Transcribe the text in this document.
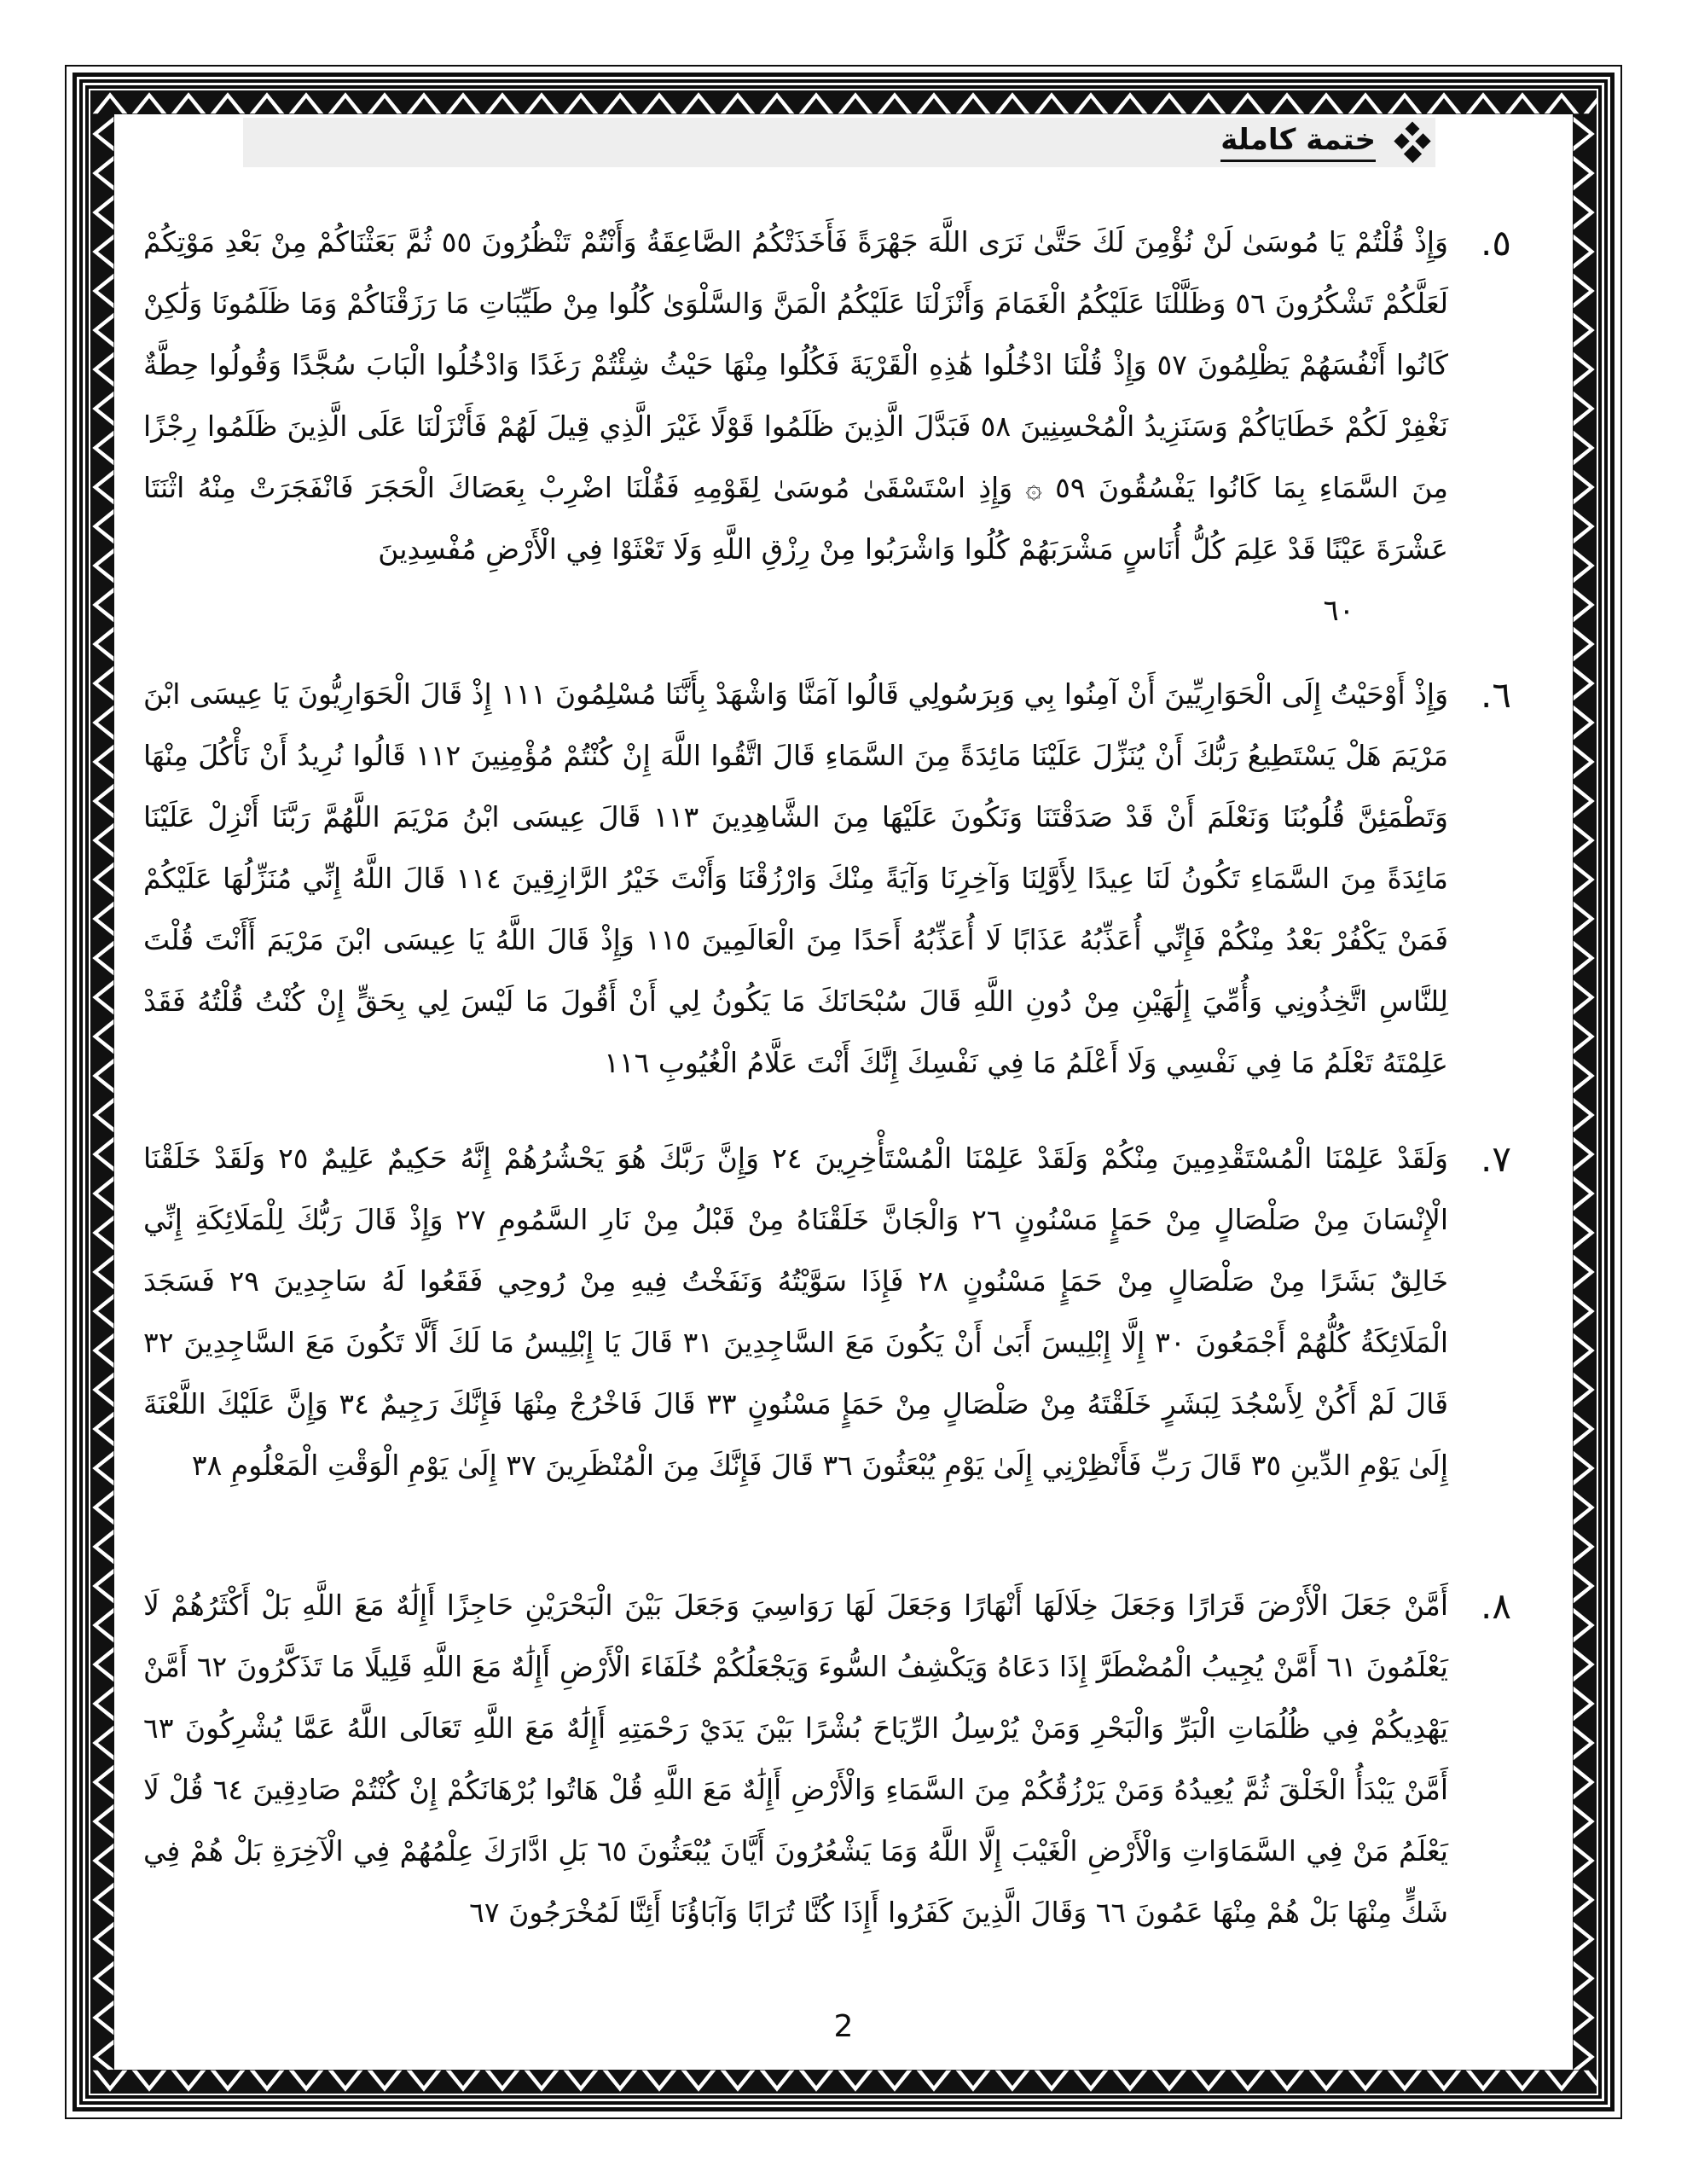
ختمة كاملة
٥.
وَإِذْ قُلْتُمْ يَا مُوسَىٰ لَنْ نُؤْمِنَ لَكَ حَتَّىٰ نَرَى اللَّهَ جَهْرَةً فَأَخَذَتْكُمُ الصَّاعِقَةُ وَأَنْتُمْ تَنْظُرُونَ ٥٥ ثُمَّ بَعَثْنَاكُمْ مِنْ بَعْدِ مَوْتِكُمْ لَعَلَّكُمْ تَشْكُرُونَ ٥٦ وَظَلَّلْنَا عَلَيْكُمُ الْغَمَامَ وَأَنْزَلْنَا عَلَيْكُمُ الْمَنَّ وَالسَّلْوَىٰ كُلُوا مِنْ طَيِّبَاتِ مَا رَزَقْنَاكُمْ وَمَا ظَلَمُونَا وَلَٰكِنْ كَانُوا أَنْفُسَهُمْ يَظْلِمُونَ ٥٧ وَإِذْ قُلْنَا ادْخُلُوا هَٰذِهِ الْقَرْيَةَ فَكُلُوا مِنْهَا حَيْثُ شِئْتُمْ رَغَدًا وَادْخُلُوا الْبَابَ سُجَّدًا وَقُولُوا حِطَّةٌ نَغْفِرْ لَكُمْ خَطَايَاكُمْ وَسَنَزِيدُ الْمُحْسِنِينَ ٥٨ فَبَدَّلَ الَّذِينَ ظَلَمُوا قَوْلًا غَيْرَ الَّذِي قِيلَ لَهُمْ فَأَنْزَلْنَا عَلَى الَّذِينَ ظَلَمُوا رِجْزًا مِنَ السَّمَاءِ بِمَا كَانُوا يَفْسُقُونَ ٥٩ ۞ وَإِذِ اسْتَسْقَىٰ مُوسَىٰ لِقَوْمِهِ فَقُلْنَا اضْرِبْ بِعَصَاكَ الْحَجَرَ فَانْفَجَرَتْ مِنْهُ اثْنَتَا عَشْرَةَ عَيْنًا قَدْ عَلِمَ كُلُّ أُنَاسٍ مَشْرَبَهُمْ كُلُوا وَاشْرَبُوا مِنْ رِزْقِ اللَّهِ وَلَا تَعْثَوْا فِي الْأَرْضِ مُفْسِدِينَ
٦٠
٦.
وَإِذْ أَوْحَيْتُ إِلَى الْحَوَارِيِّينَ أَنْ آمِنُوا بِي وَبِرَسُولِي قَالُوا آمَنَّا وَاشْهَدْ بِأَنَّنَا مُسْلِمُونَ ١١١ إِذْ قَالَ الْحَوَارِيُّونَ يَا عِيسَى ابْنَ مَرْيَمَ هَلْ يَسْتَطِيعُ رَبُّكَ أَنْ يُنَزِّلَ عَلَيْنَا مَائِدَةً مِنَ السَّمَاءِ قَالَ اتَّقُوا اللَّهَ إِنْ كُنْتُمْ مُؤْمِنِينَ ١١٢ قَالُوا نُرِيدُ أَنْ نَأْكُلَ مِنْهَا وَتَطْمَئِنَّ قُلُوبُنَا وَنَعْلَمَ أَنْ قَدْ صَدَقْتَنَا وَنَكُونَ عَلَيْهَا مِنَ الشَّاهِدِينَ ١١٣ قَالَ عِيسَى ابْنُ مَرْيَمَ اللَّهُمَّ رَبَّنَا أَنْزِلْ عَلَيْنَا مَائِدَةً مِنَ السَّمَاءِ تَكُونُ لَنَا عِيدًا لِأَوَّلِنَا وَآخِرِنَا وَآيَةً مِنْكَ وَارْزُقْنَا وَأَنْتَ خَيْرُ الرَّازِقِينَ ١١٤ قَالَ اللَّهُ إِنِّي مُنَزِّلُهَا عَلَيْكُمْ فَمَنْ يَكْفُرْ بَعْدُ مِنْكُمْ فَإِنِّي أُعَذِّبُهُ عَذَابًا لَا أُعَذِّبُهُ أَحَدًا مِنَ الْعَالَمِينَ ١١٥ وَإِذْ قَالَ اللَّهُ يَا عِيسَى ابْنَ مَرْيَمَ أَأَنْتَ قُلْتَ لِلنَّاسِ اتَّخِذُونِي وَأُمِّيَ إِلَٰهَيْنِ مِنْ دُونِ اللَّهِ قَالَ سُبْحَانَكَ مَا يَكُونُ لِي أَنْ أَقُولَ مَا لَيْسَ لِي بِحَقٍّ إِنْ كُنْتُ قُلْتُهُ فَقَدْ عَلِمْتَهُ تَعْلَمُ مَا فِي نَفْسِي وَلَا أَعْلَمُ مَا فِي نَفْسِكَ إِنَّكَ أَنْتَ عَلَّامُ الْغُيُوبِ ١١٦
٧.
وَلَقَدْ عَلِمْنَا الْمُسْتَقْدِمِينَ مِنْكُمْ وَلَقَدْ عَلِمْنَا الْمُسْتَأْخِرِينَ ٢٤ وَإِنَّ رَبَّكَ هُوَ يَحْشُرُهُمْ إِنَّهُ حَكِيمٌ عَلِيمٌ ٢٥ وَلَقَدْ خَلَقْنَا الْإِنْسَانَ مِنْ صَلْصَالٍ مِنْ حَمَإٍ مَسْنُونٍ ٢٦ وَالْجَانَّ خَلَقْنَاهُ مِنْ قَبْلُ مِنْ نَارِ السَّمُومِ ٢٧ وَإِذْ قَالَ رَبُّكَ لِلْمَلَائِكَةِ إِنِّي خَالِقٌ بَشَرًا مِنْ صَلْصَالٍ مِنْ حَمَإٍ مَسْنُونٍ ٢٨ فَإِذَا سَوَّيْتُهُ وَنَفَخْتُ فِيهِ مِنْ رُوحِي فَقَعُوا لَهُ سَاجِدِينَ ٢٩ فَسَجَدَ الْمَلَائِكَةُ كُلُّهُمْ أَجْمَعُونَ ٣٠ إِلَّا إِبْلِيسَ أَبَىٰ أَنْ يَكُونَ مَعَ السَّاجِدِينَ ٣١ قَالَ يَا إِبْلِيسُ مَا لَكَ أَلَّا تَكُونَ مَعَ السَّاجِدِينَ ٣٢ قَالَ لَمْ أَكُنْ لِأَسْجُدَ لِبَشَرٍ خَلَقْتَهُ مِنْ صَلْصَالٍ مِنْ حَمَإٍ مَسْنُونٍ ٣٣ قَالَ فَاخْرُجْ مِنْهَا فَإِنَّكَ رَجِيمٌ ٣٤ وَإِنَّ عَلَيْكَ اللَّعْنَةَ إِلَىٰ يَوْمِ الدِّينِ ٣٥ قَالَ رَبِّ فَأَنْظِرْنِي إِلَىٰ يَوْمِ يُبْعَثُونَ ٣٦ قَالَ فَإِنَّكَ مِنَ الْمُنْظَرِينَ ٣٧ إِلَىٰ يَوْمِ الْوَقْتِ الْمَعْلُومِ ٣٨
٨.
أَمَّنْ جَعَلَ الْأَرْضَ قَرَارًا وَجَعَلَ خِلَالَهَا أَنْهَارًا وَجَعَلَ لَهَا رَوَاسِيَ وَجَعَلَ بَيْنَ الْبَحْرَيْنِ حَاجِزًا أَإِلَٰهٌ مَعَ اللَّهِ بَلْ أَكْثَرُهُمْ لَا يَعْلَمُونَ ٦١ أَمَّنْ يُجِيبُ الْمُضْطَرَّ إِذَا دَعَاهُ وَيَكْشِفُ السُّوءَ وَيَجْعَلُكُمْ خُلَفَاءَ الْأَرْضِ أَإِلَٰهٌ مَعَ اللَّهِ قَلِيلًا مَا تَذَكَّرُونَ ٦٢ أَمَّنْ يَهْدِيكُمْ فِي ظُلُمَاتِ الْبَرِّ وَالْبَحْرِ وَمَنْ يُرْسِلُ الرِّيَاحَ بُشْرًا بَيْنَ يَدَيْ رَحْمَتِهِ أَإِلَٰهٌ مَعَ اللَّهِ تَعَالَى اللَّهُ عَمَّا يُشْرِكُونَ ٦٣ أَمَّنْ يَبْدَأُ الْخَلْقَ ثُمَّ يُعِيدُهُ وَمَنْ يَرْزُقُكُمْ مِنَ السَّمَاءِ وَالْأَرْضِ أَإِلَٰهٌ مَعَ اللَّهِ قُلْ هَاتُوا بُرْهَانَكُمْ إِنْ كُنْتُمْ صَادِقِينَ ٦٤ قُلْ لَا يَعْلَمُ مَنْ فِي السَّمَاوَاتِ وَالْأَرْضِ الْغَيْبَ إِلَّا اللَّهُ وَمَا يَشْعُرُونَ أَيَّانَ يُبْعَثُونَ ٦٥ بَلِ ادَّارَكَ عِلْمُهُمْ فِي الْآخِرَةِ بَلْ هُمْ فِي شَكٍّ مِنْهَا بَلْ هُمْ مِنْهَا عَمُونَ ٦٦ وَقَالَ الَّذِينَ كَفَرُوا أَإِذَا كُنَّا تُرَابًا وَآبَاؤُنَا أَئِنَّا لَمُخْرَجُونَ ٦٧
2
